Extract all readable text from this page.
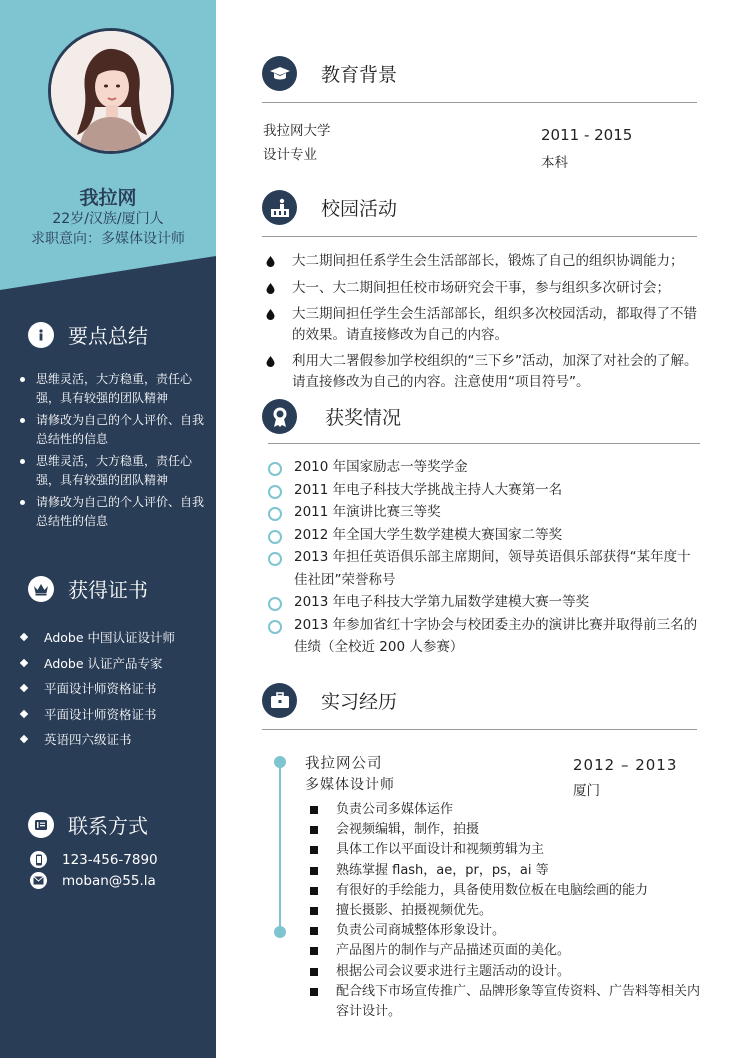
我拉网
22岁/汉族/厦门人
求职意向：多媒体设计师
要点总结
思维灵活，大方稳重，责任心强，具有较强的团队精神
请修改为自己的个人评价、自我总结性的信息
思维灵活，大方稳重，责任心强，具有较强的团队精神
请修改为自己的个人评价、自我总结性的信息
获得证书
Adobe 中国认证设计师
Adobe 认证产品专家
平面设计师资格证书
平面设计师资格证书
英语四六级证书
联系方式
123-456-7890
moban@55.la
教育背景
我拉网大学
设计专业
2011 - 2015
本科
校园活动
大二期间担任系学生会生活部部长，锻炼了自己的组织协调能力；
大一、大二期间担任校市场研究会干事，参与组织多次研讨会；
大三期间担任学生会生活部部长，组织多次校园活动，都取得了不错的效果。请直接修改为自己的内容。
利用大二署假参加学校组织的“三下乡”活动，加深了对社会的了解。请直接修改为自己的内容。注意使用“项目符号”。
获奖情况
2010 年国家励志一等奖学金
2011 年电子科技大学挑战主持人大赛第一名
2011 年演讲比赛三等奖
2012 年全国大学生数学建模大赛国家二等奖
2013 年担任英语俱乐部主席期间，领导英语俱乐部获得“某年度十佳社团”荣誉称号
2013 年电子科技大学第九届数学建模大赛一等奖
2013 年参加省红十字协会与校团委主办的演讲比赛并取得前三名的佳绩（全校近 200 人参赛）
实习经历
我拉网公司
多媒体设计师
2012 – 2013
厦门
负责公司多媒体运作
会视频编辑，制作，拍摄
具体工作以平面设计和视频剪辑为主
熟练掌握 flash，ae，pr，ps，ai 等
有很好的手绘能力，具备使用数位板在电脑绘画的能力
擅长摄影、拍摄视频优先。
负责公司商城整体形象设计。
产品图片的制作与产品描述页面的美化。
根据公司会议要求进行主题活动的设计。
配合线下市场宣传推广、品牌形象等宣传资料、广告料等相关内容计设计。
